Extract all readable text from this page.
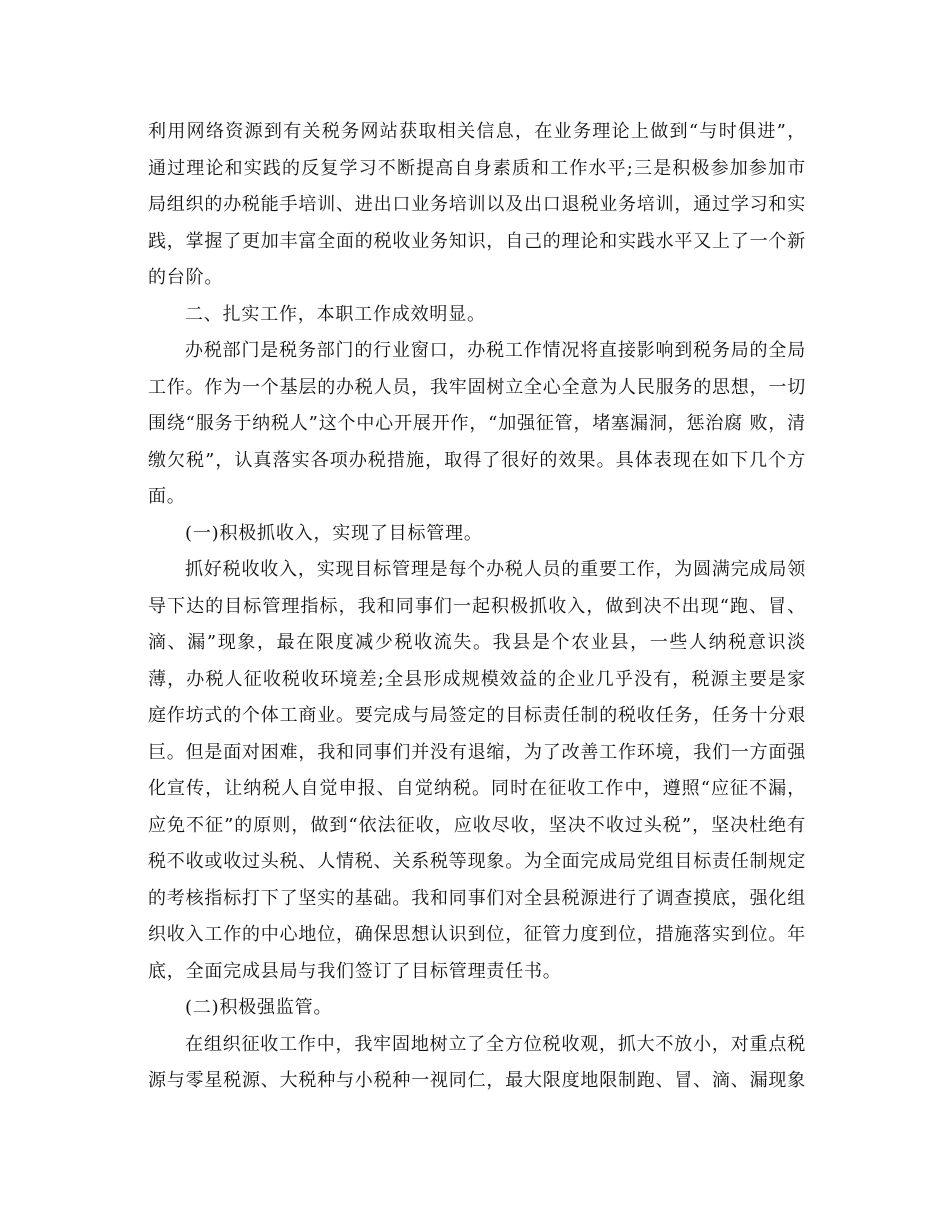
利用网络资源到有关税务网站获取相关信息，在业务理论上做到“与时俱进”，通过理论和实践的反复学习不断提高自身素质和工作水平;三是积极参加参加市局组织的办税能手培训、进出口业务培训以及出口退税业务培训，通过学习和实践，掌握了更加丰富全面的税收业务知识，自己的理论和实践水平又上了一个新的台阶。

二、扎实工作，本职工作成效明显。

办税部门是税务部门的行业窗口，办税工作情况将直接影响到税务局的全局工作。作为一个基层的办税人员，我牢固树立全心全意为人民服务的思想，一切围绕“服务于纳税人”这个中心开展开作，“加强征管，堵塞漏洞，惩治腐 败，清缴欠税”，认真落实各项办税措施，取得了很好的效果。具体表现在如下几个方面。

(一)积极抓收入，实现了目标管理。

抓好税收收入，实现目标管理是每个办税人员的重要工作，为圆满完成局领导下达的目标管理指标，我和同事们一起积极抓收入，做到决不出现“跑、冒、滴、漏”现象，最在限度减少税收流失。我县是个农业县，一些人纳税意识淡薄，办税人征收税收环境差;全县形成规模效益的企业几乎没有，税源主要是家庭作坊式的个体工商业。要完成与局签定的目标责任制的税收任务，任务十分艰巨。但是面对困难，我和同事们并没有退缩，为了改善工作环境，我们一方面强化宣传，让纳税人自觉申报、自觉纳税。同时在征收工作中，遵照“应征不漏，应免不征”的原则，做到“依法征收，应收尽收，坚决不收过头税”，坚决杜绝有税不收或收过头税、人情税、关系税等现象。为全面完成局党组目标责任制规定的考核指标打下了坚实的基础。我和同事们对全县税源进行了调查摸底，强化组织收入工作的中心地位，确保思想认识到位，征管力度到位，措施落实到位。年底，全面完成县局与我们签订了目标管理责任书。

(二)积极强监管。

在组织征收工作中，我牢固地树立了全方位税收观，抓大不放小，对重点税源与零星税源、大税种与小税种一视同仁，最大限度地限制跑、冒、滴、漏现象
